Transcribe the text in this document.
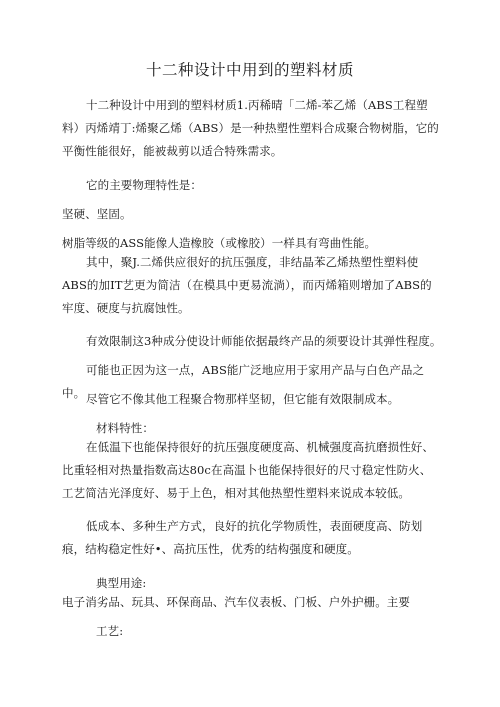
十二种设计中用到的塑料材质

十二种设计中用到的塑料材质1.丙稀晴「二烯-苯乙烯（ABS工程塑料）丙烯靖丁:烯聚乙烯（ABS）是一种热塑性塑料合成聚合物树脂，它的平衡性能很好，能被裁剪以适合特殊需求。

它的主要物理特性是：

坚硬、坚固。

树脂等级的ASS能像人造橡胶（或橡胶）一样具有弯曲性能。

其中，聚J.二烯供应很好的抗压强度，非结晶苯乙烯热塑性塑料使ABS的加IT艺更为简洁（在模具中更易流淌），而丙烯箱则增加了ABS的牢度、硬度与抗腐蚀性。

有效限制这3种成分使设计师能依据最终产品的须要设计其弹性程度。

可能也正因为这一点，ABS能广泛地应用于家用产品与白色产品之中。 尽管它不像其他工程聚合物那样坚韧，但它能有效限制成本。

材料特性：

在低温下也能保持很好的抗压强度硬度高、机械强度高抗磨损性好、比重轻相对热量指数高达80c在高温卜也能保持很好的尺寸稳定性防火、工艺简洁光泽度好、易于上色，相对其他热塑性塑料来说成本较低。

低成本、多种生产方式，良好的抗化学物质性，表面硬度高、防划痕，结构稳定性好•、高抗压性，优秀的结构强度和硬度。

典型用途:

电子消劣品、玩具、环保商品、汽车仪表板、门板、户外护栅。主要

工艺:
